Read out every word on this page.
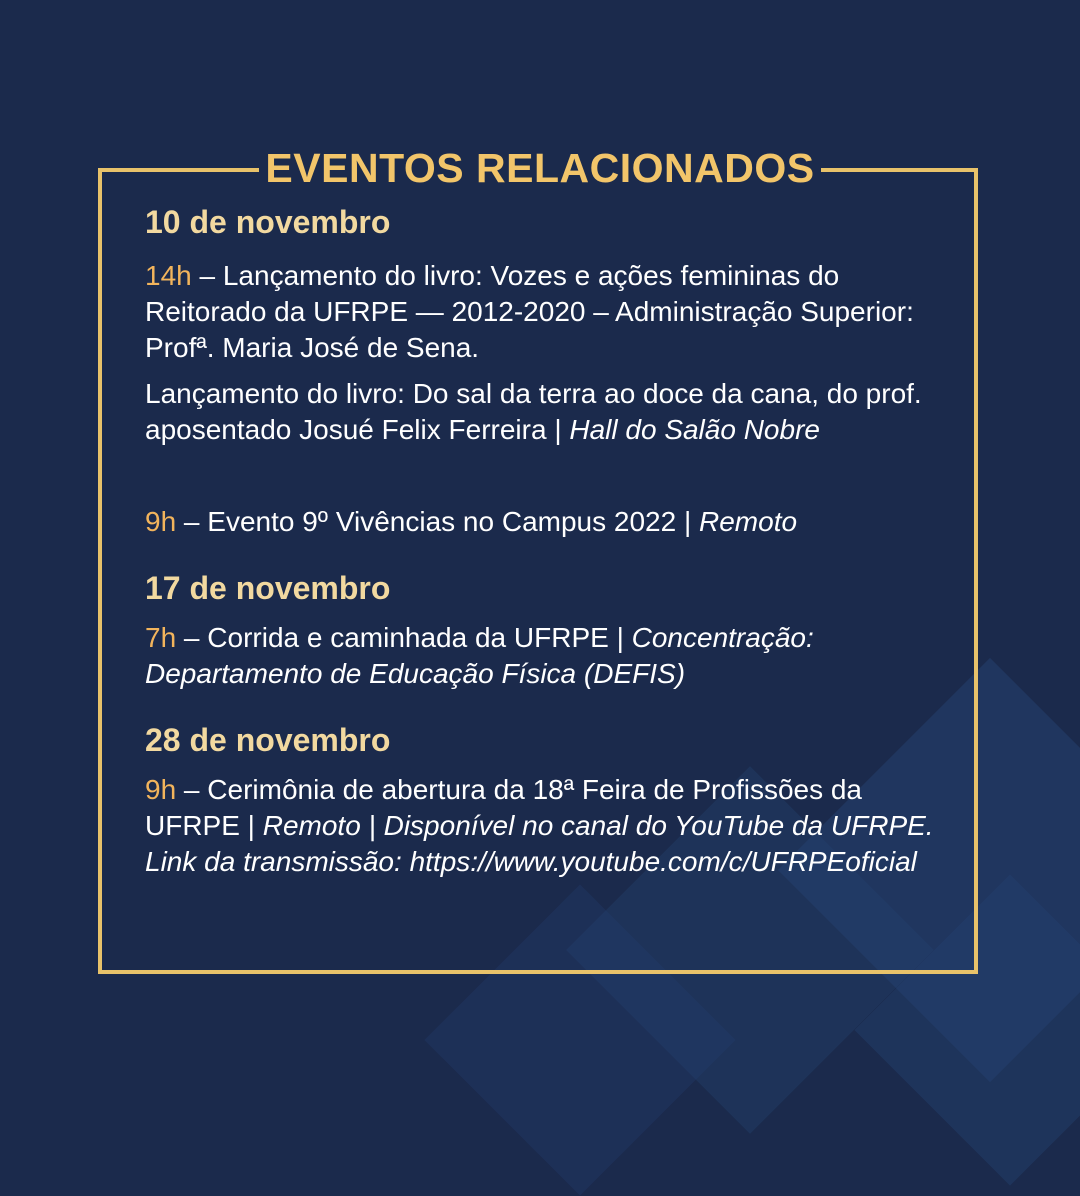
EVENTOS RELACIONADOS

10 de novembro

14h – Lançamento do livro: Vozes e ações femininas do Reitorado da UFRPE — 2012-2020 – Administração Superior: Profª. Maria José de Sena.

Lançamento do livro: Do sal da terra ao doce da cana, do prof. aposentado Josué Felix Ferreira | Hall do Salão Nobre

9h – Evento 9º Vivências no Campus 2022 | Remoto

17 de novembro

7h – Corrida e caminhada da UFRPE | Concentração: Departamento de Educação Física (DEFIS)

28 de novembro

9h – Cerimônia de abertura da 18ª Feira de Profissões da UFRPE | Remoto | Disponível no canal do YouTube da UFRPE. Link da transmissão: https://www.youtube.com/c/UFRPEoficial
